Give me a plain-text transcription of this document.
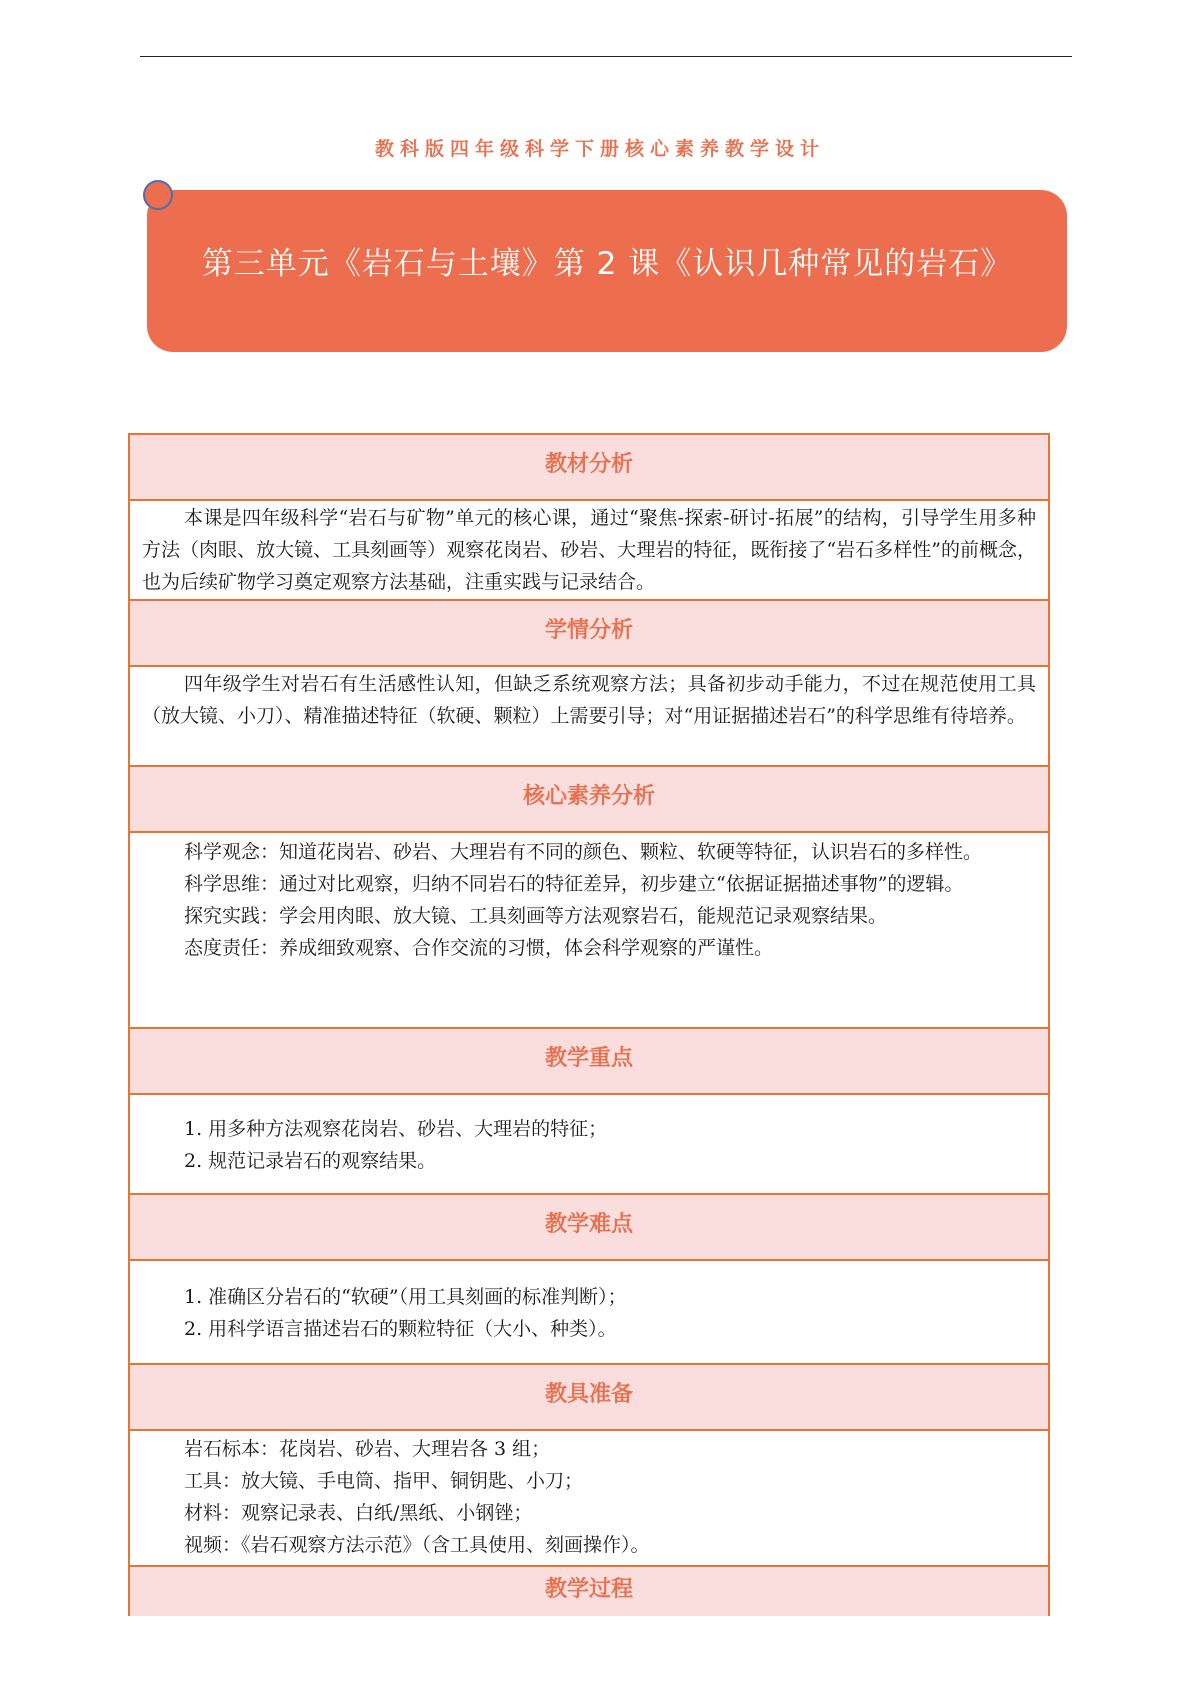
教科版四年级科学下册核心素养教学设计
第三单元《岩石与土壤》第 2 课《认识几种常见的岩石》
教材分析

本课是四年级科学“岩石与矿物”单元的核心课，通过“聚焦-探索-研讨-拓展”的结构，引导学生用多种方法（肉眼、放大镜、工具刻画等）观察花岗岩、砂岩、大理岩的特征，既衔接了“岩石多样性”的前概念，也为后续矿物学习奠定观察方法基础，注重实践与记录结合。

学情分析

四年级学生对岩石有生活感性认知，但缺乏系统观察方法；具备初步动手能力，不过在规范使用工具（放大镜、小刀）、精准描述特征（软硬、颗粒）上需要引导；对“用证据描述岩石”的科学思维有待培养。

核心素养分析

科学观念：知道花岗岩、砂岩、大理岩有不同的颜色、颗粒、软硬等特征，认识岩石的多样性。

科学思维：通过对比观察，归纳不同岩石的特征差异，初步建立“依据证据描述事物”的逻辑。

探究实践：学会用肉眼、放大镜、工具刻画等方法观察岩石，能规范记录观察结果。

态度责任：养成细致观察、合作交流的习惯，体会科学观察的严谨性。

教学重点

1. 用多种方法观察花岗岩、砂岩、大理岩的特征；

2. 规范记录岩石的观察结果。

教学难点

1. 准确区分岩石的“软硬”（用工具刻画的标准判断）；

2. 用科学语言描述岩石的颗粒特征（大小、种类）。

教具准备

岩石标本：花岗岩、砂岩、大理岩各 3 组；

工具：放大镜、手电筒、指甲、铜钥匙、小刀；

材料：观察记录表、白纸/黑纸、小钢锉；

视频：《岩石观察方法示范》（含工具使用、刻画操作）。

教学过程
